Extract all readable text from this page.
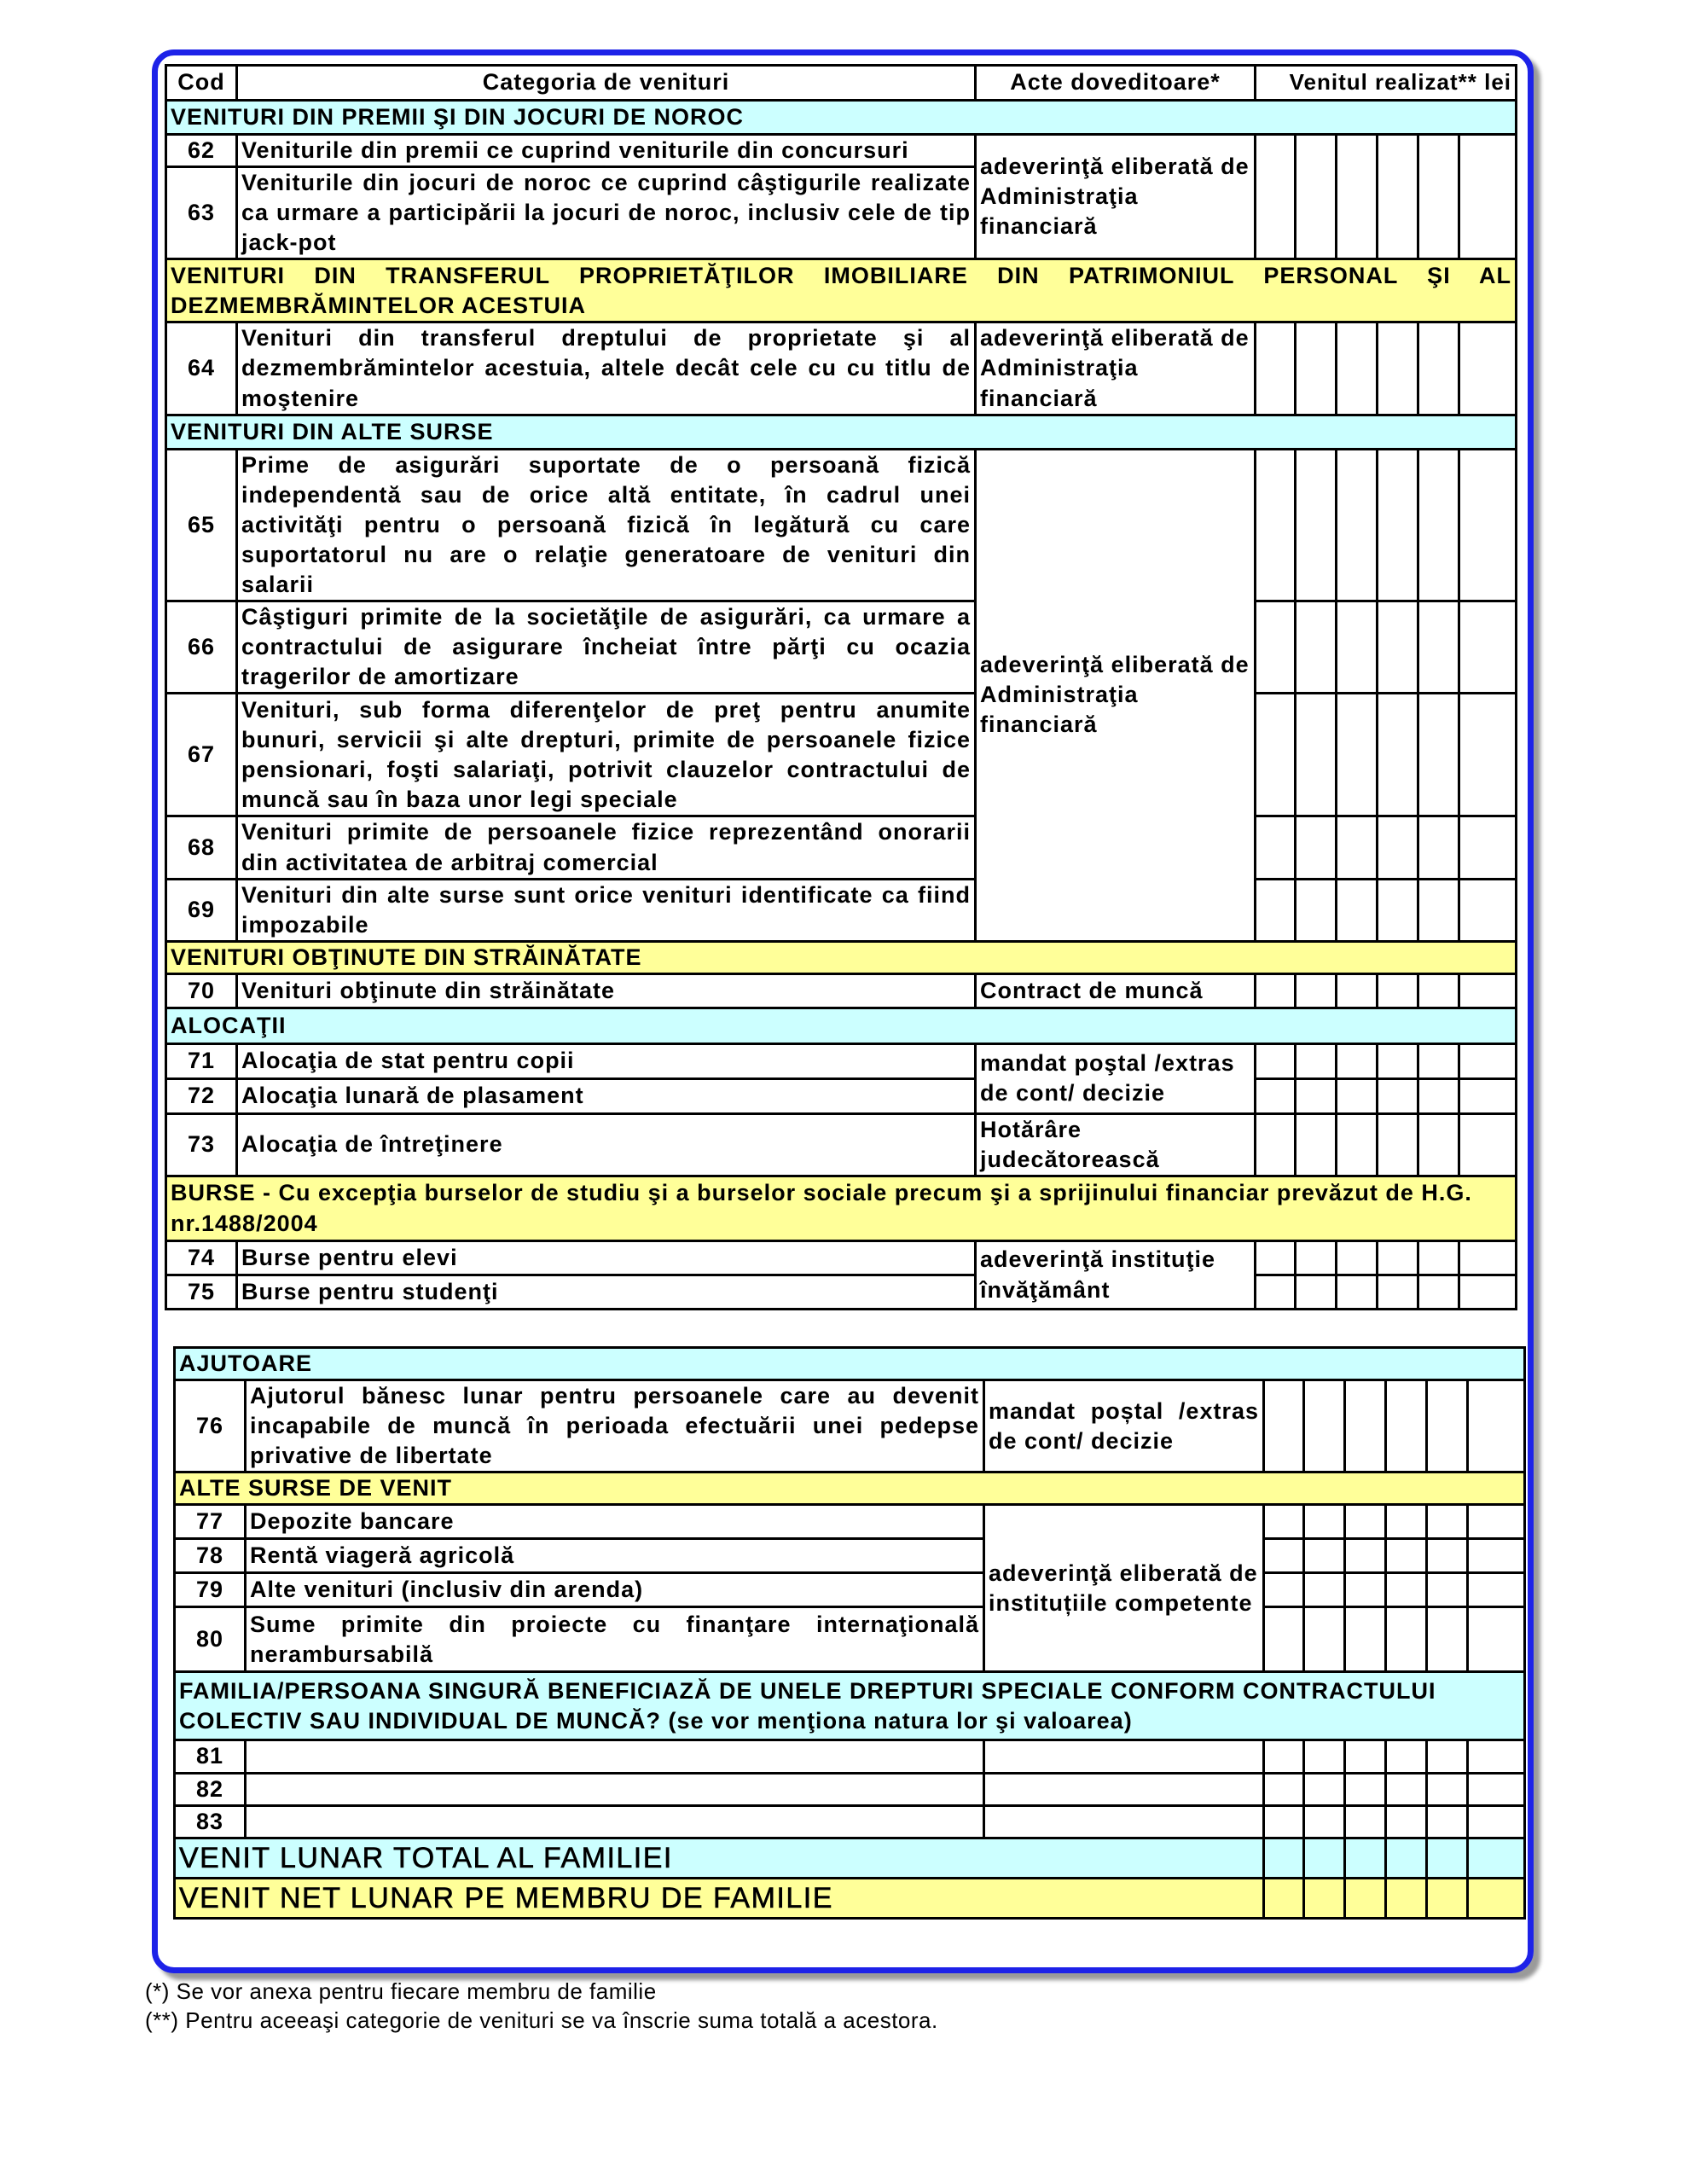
Cod	Categoria de venituri	Acte doveditoare*	Venitul realizat** lei					
VENITURI DIN PREMII ŞI DIN JOCURI DE NOROC								
62	Veniturile din premii ce cuprind veniturile din concursuri	adeverinţă eliberată de Administraţia financiară						
63	Veniturile din jocuri de noroc ce cuprind câştigurile realizate ca urmare a participării la jocuri de noroc, inclusiv cele de tip jack-pot							
VENITURI DIN TRANSFERUL PROPRIETĂŢILOR IMOBILIARE DIN PATRIMONIUL PERSONAL ŞI AL DEZMEMBRĂMINTELOR ACESTUIA								
64	Venituri din transferul dreptului de proprietate şi al dezmembrămintelor acestuia, altele decât cele cu cu titlu de moştenire	adeverinţă eliberată de Administraţia financiară						
VENITURI DIN ALTE SURSE								
65	Prime de asigurări suportate de o persoană fizică independentă sau de orice altă entitate, în cadrul unei activităţi pentru o persoană fizică în legătură cu care suportatorul nu are o relaţie generatoare de venituri din salarii	adeverinţă eliberată de Administraţia financiară						
66	Câştiguri primite de la societăţile de asigurări, ca urmare a contractului de asigurare încheiat între părţi cu ocazia tragerilor de amortizare							
67	Venituri, sub forma diferenţelor de preţ pentru anumite bunuri, servicii şi alte drepturi, primite de persoanele fizice pensionari, foşti salariaţi, potrivit clauzelor contractului de muncă sau în baza unor legi speciale							
68	Venituri primite de persoanele fizice reprezentând onorarii din activitatea de arbitraj comercial							
69	Venituri din alte surse sunt orice venituri identificate ca fiind impozabile							
VENITURI OBŢINUTE DIN STRĂINĂTATE								
70	Venituri obţinute din străinătate	Contract de muncă						
ALOCAŢII								
71	Alocaţia de stat pentru copii	mandat poştal /extras de cont/ decizie						
72	Alocaţia lunară de plasament							
73	Alocaţia de întreţinere	Hotărâre judecătorească						
BURSE - Cu excepţia burselor de studiu şi a burselor sociale precum şi a sprijinului financiar prevăzut de H.G. nr.1488/2004								
74	Burse pentru elevi	adeverinţă instituţie învăţământ						
75	Burse pentru studenţi							
AJUTOARE								
76	Ajutorul bănesc lunar pentru persoanele care au devenit incapabile de muncă în perioada efectuării unei pedepse privative de libertate	mandat poștal /extras de cont/ decizie						
ALTE SURSE DE VENIT								
77	Depozite bancare	adeverinţă eliberată de instituțiile competente						
78	Rentă viageră agricolă							
79	Alte venituri (inclusiv din arenda)							
80	Sume primite din proiecte cu finanţare internaţională nerambursabilă							
FAMILIA/PERSOANA SINGURĂ BENEFICIAZĂ DE UNELE DREPTURI SPECIALE CONFORM CONTRACTULUI COLECTIV SAU INDIVIDUAL DE MUNCĂ? (se vor menţiona natura lor şi valoarea)								
81								
82								
83								
VENIT LUNAR TOTAL AL FAMILIEI								
VENIT NET LUNAR PE MEMBRU DE FAMILIE								
(*) Se vor anexa pentru fiecare membru de familie
(**) Pentru aceeaşi categorie de venituri se va înscrie suma totală a acestora.
